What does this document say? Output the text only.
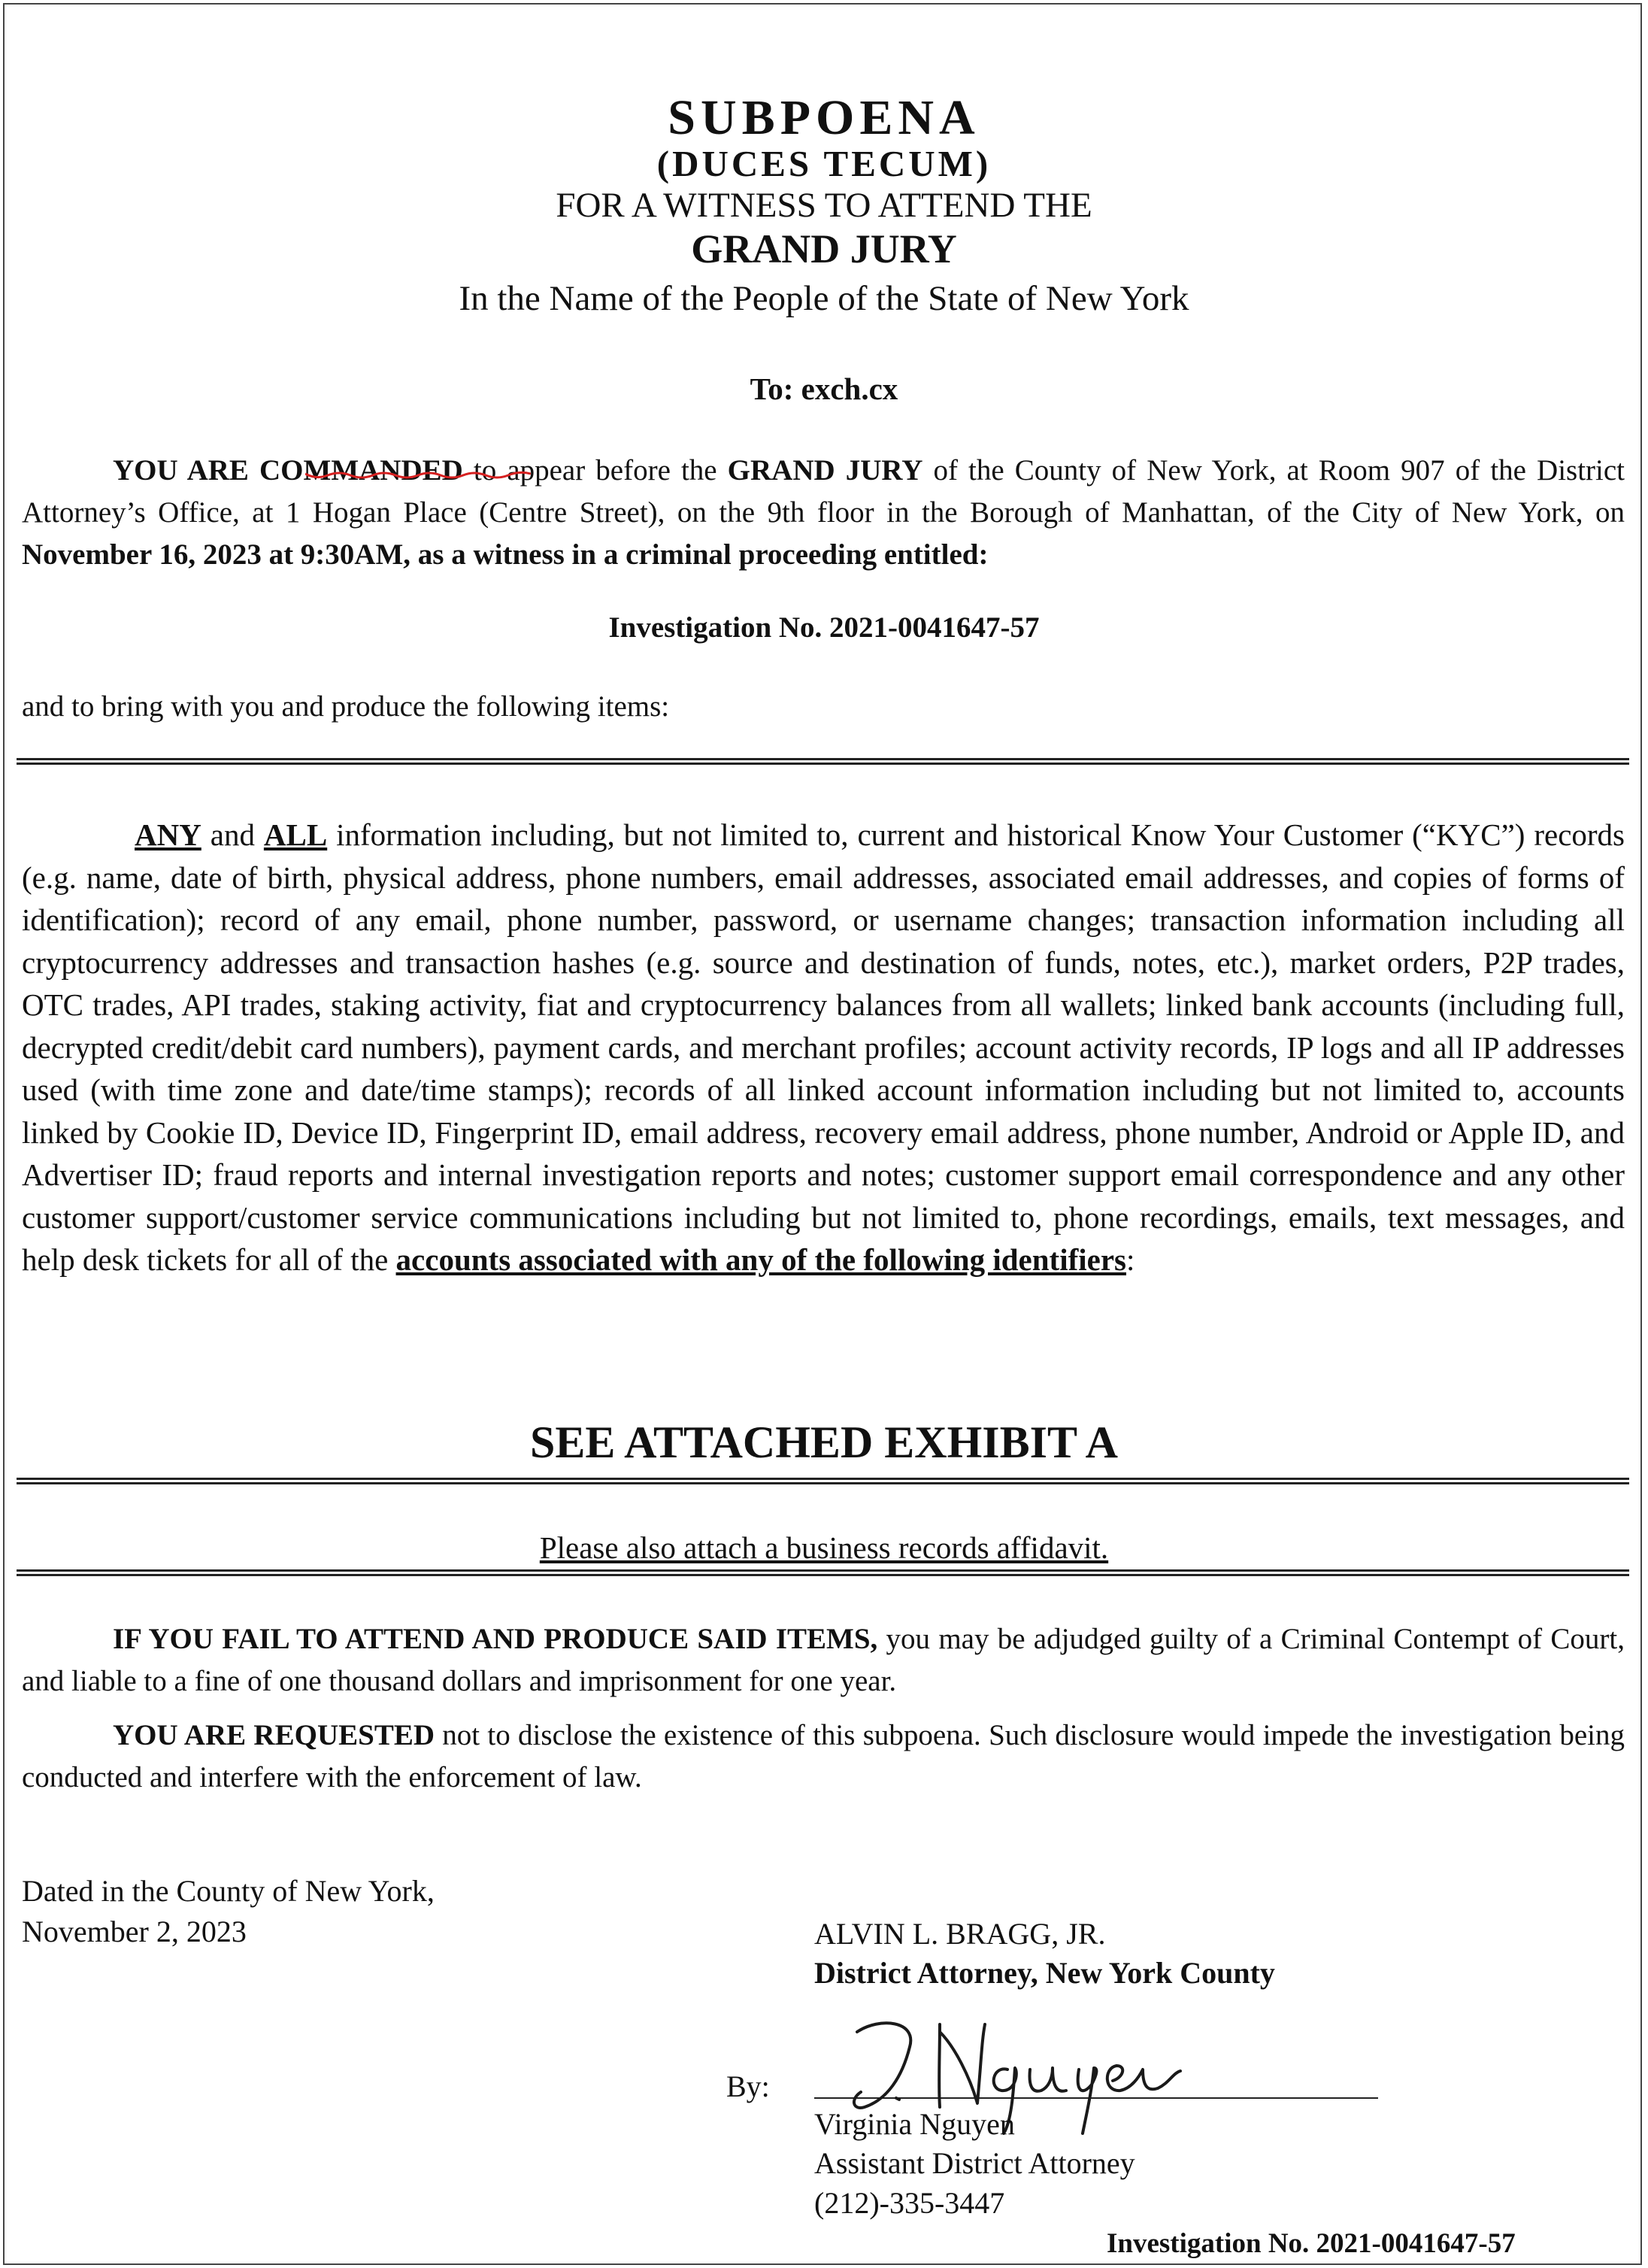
SUBPOENA
(DUCES TECUM)
FOR A WITNESS TO ATTEND THE
GRAND JURY
In the Name of the People of the State of New York
To: exch.cx

YOU ARE COMMANDED to appear before the GRAND JURY of the County of New York, at Room 907 of the District Attorney’s Office, at 1 Hogan Place (Centre Street), on the 9th floor in the Borough of Manhattan, of the City of New York, on November 16, 2023 at 9:30AM, as a witness in a criminal proceeding entitled:

Investigation No. 2021-0041647-57

and to bring with you and produce the following items:

ANY and ALL information including, but not limited to, current and historical Know Your Customer (“KYC”) records (e.g. name, date of birth, physical address, phone numbers, email addresses, associated email addresses, and copies of forms of identification); record of any email, phone number, password, or username changes; transaction information including all cryptocurrency addresses and transaction hashes (e.g. source and destination of funds, notes, etc.), market orders, P2P trades, OTC trades, API trades, staking activity, fiat and cryptocurrency balances from all wallets; linked bank accounts (including full, decrypted credit/debit card numbers), payment cards, and merchant profiles; account activity records, IP logs and all IP addresses used (with time zone and date/time stamps); records of all linked account information including but not limited to, accounts linked by Cookie ID, Device ID, Fingerprint ID, email address, recovery email address, phone number, Android or Apple ID, and Advertiser ID; fraud reports and internal investigation reports and notes; customer support email correspondence and any other customer support/customer service communications including but not limited to, phone recordings, emails, text messages, and help desk tickets for all of the accounts associated with any of the following identifiers:

SEE ATTACHED EXHIBIT A
Please also attach a business records affidavit.

IF YOU FAIL TO ATTEND AND PRODUCE SAID ITEMS, you may be adjudged guilty of a Criminal Contempt of Court, and liable to a fine of one thousand dollars and imprisonment for one year.

YOU ARE REQUESTED not to disclose the existence of this subpoena. Such disclosure would impede the investigation being conducted and interfere with the enforcement of law.

Dated in the County of New York,
November 2, 2023	ALVIN L. BRAGG, JR.
District Attorney, New York County
By:
Virginia Nguyen
Assistant District Attorney
(212)-335-3447
Investigation No. 2021-0041647-57
